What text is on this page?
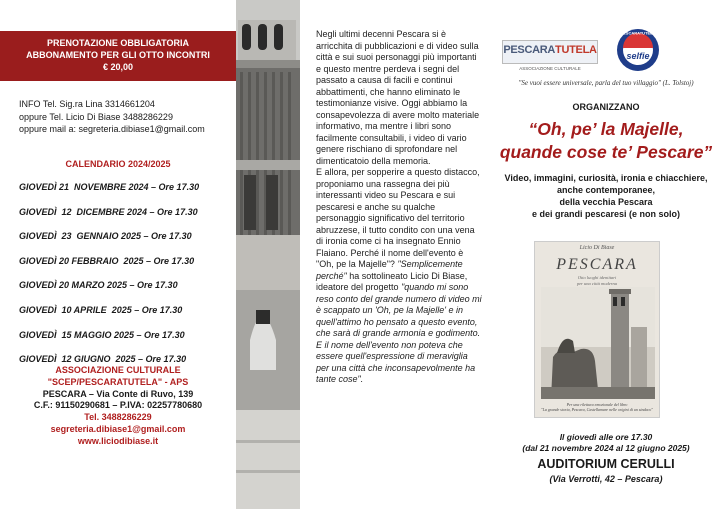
PRENOTAZIONE OBBLIGATORIA
ABBONAMENTO PER GLI OTTO INCONTRI
€ 20,00
INFO Tel. Sig.ra Lina 3314661204
oppure Tel. Licio Di Biase 3488286229
oppure mail a: segreteria.dibiase1@gmail.com
CALENDARIO 2024/2025
GIOVEDÌ 21  NOVEMBRE 2024 – Ore 17.30
GIOVEDÌ  12  DICEMBRE 2024 – Ore 17.30
GIOVEDÌ  23  GENNAIO 2025 – Ore 17.30
GIOVEDÌ 20 FEBBRAIO  2025 – Ore 17.30
GIOVEDÌ 20 MARZO 2025 – Ore 17.30
GIOVEDÌ  10 APRILE  2025 – Ore 17.30
GIOVEDÌ  15 MAGGIO 2025 – Ore 17.30
GIOVEDÌ  12 GIUGNO  2025 – Ore 17.30
ASSOCIAZIONE CULTURALE
"SCEP/PESCARATUTELA" - APS
PESCARA – Via Conte di Ruvo, 139
C.F.: 91150290681 – P.IVA: 02257780680
Tel. 3488286229
segreteria.dibiase1@gmail.com
www.liciodibiase.it

Negli ultimi decenni Pescara si è arricchita di pubblicazioni e di video sulla città e sui suoi personaggi più importanti e questo mentre perdeva i segni del passato a causa di facili e continui abbattimenti, che hanno eliminato le testimonianze visive. Oggi abbiamo la consapevolezza di avere molto materiale informativo, ma mentre i libri sono facilmente consultabili, i video di vario genere rischiano di sprofondare nel dimenticatoio della memoria.

E allora, per sopperire a questo distacco, proponiamo una rassegna dei più interessanti video su Pescara e sui pescaresi e anche su qualche personaggio significativo del territorio abruzzese, il tutto condito con una vena di ironia come ci ha insegnato Ennio Flaiano. Perché il nome dell'evento è "Oh, pe la Majelle"? "Semplicemente perché" ha sottolineato Licio Di Biase, ideatore del progetto "quando mi sono reso conto del grande numero di video mi è scappato un 'Oh, pe la Majelle' e in quell'attimo ho pensato a questo evento, che sarà di grande armonia e godimento. E il nome dell'evento non poteva che essere quell'espressione di meraviglia per una città che inconsapevolmente ha tante cose".

PESCARATUTELA
ASSOCIAZIONE CULTURALE
selfie
PESCARATUTELA
"Se vuoi essere universale, parla del tuo villaggio" (L. Tolstoj)
ORGANIZZANO
“Oh, pe’ la Majelle,
quande cose te’ Pescare”
Video, immagini, curiosità, ironia e chiacchiere,
anche contemporanee,
della vecchia Pescara
e dei grandi pescaresi (e non solo)
Licio Di Biase
PESCARA
Otto luoghi identitari
per una città moderna
Per una rilettura emozionale del libro
"La grande storia, Pescara, Castellamare nelle origini di un sindaco"
Il giovedì alle ore 17.30
(dal 21 novembre 2024 al 12 giugno 2025)
AUDITORIUM CERULLI
(Via Verrotti, 42 – Pescara)
